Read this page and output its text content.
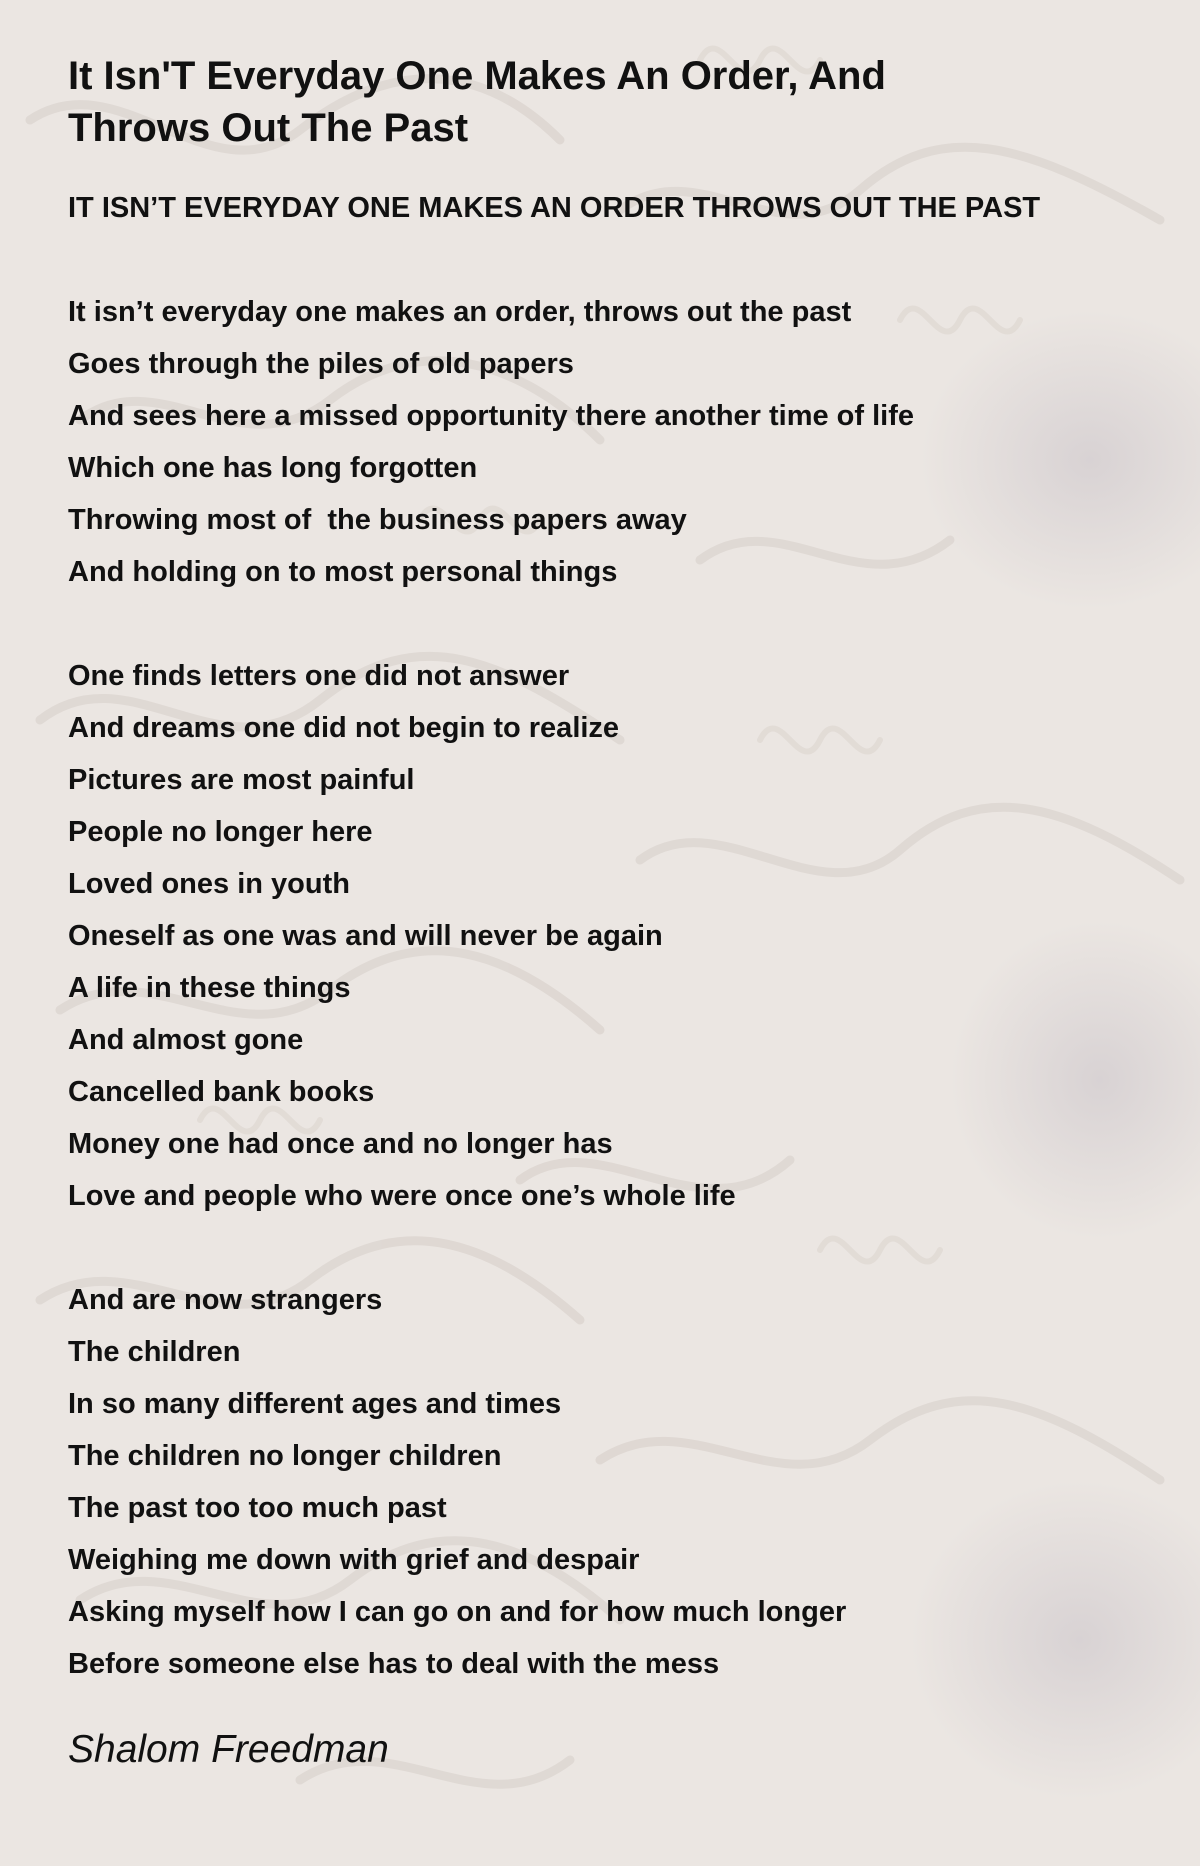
It Isn'T Everyday One Makes An Order, And Throws Out The Past
IT ISN’T EVERYDAY ONE MAKES AN ORDER THROWS OUT THE PAST
It isn’t everyday one makes an order, throws out the past
Goes through the piles of old papers
And sees here a missed opportunity there another time of life
Which one has long forgotten
Throwing most of  the business papers away
And holding on to most personal things
One finds letters one did not answer
And dreams one did not begin to realize
Pictures are most painful
People no longer here
Loved ones in youth
Oneself as one was and will never be again
A life in these things
And almost gone
Cancelled bank books
Money one had once and no longer has
Love and people who were once one’s whole life
And are now strangers
The children
In so many different ages and times
The children no longer children
The past too too much past
Weighing me down with grief and despair
Asking myself how I can go on and for how much longer
Before someone else has to deal with the mess
Shalom Freedman
